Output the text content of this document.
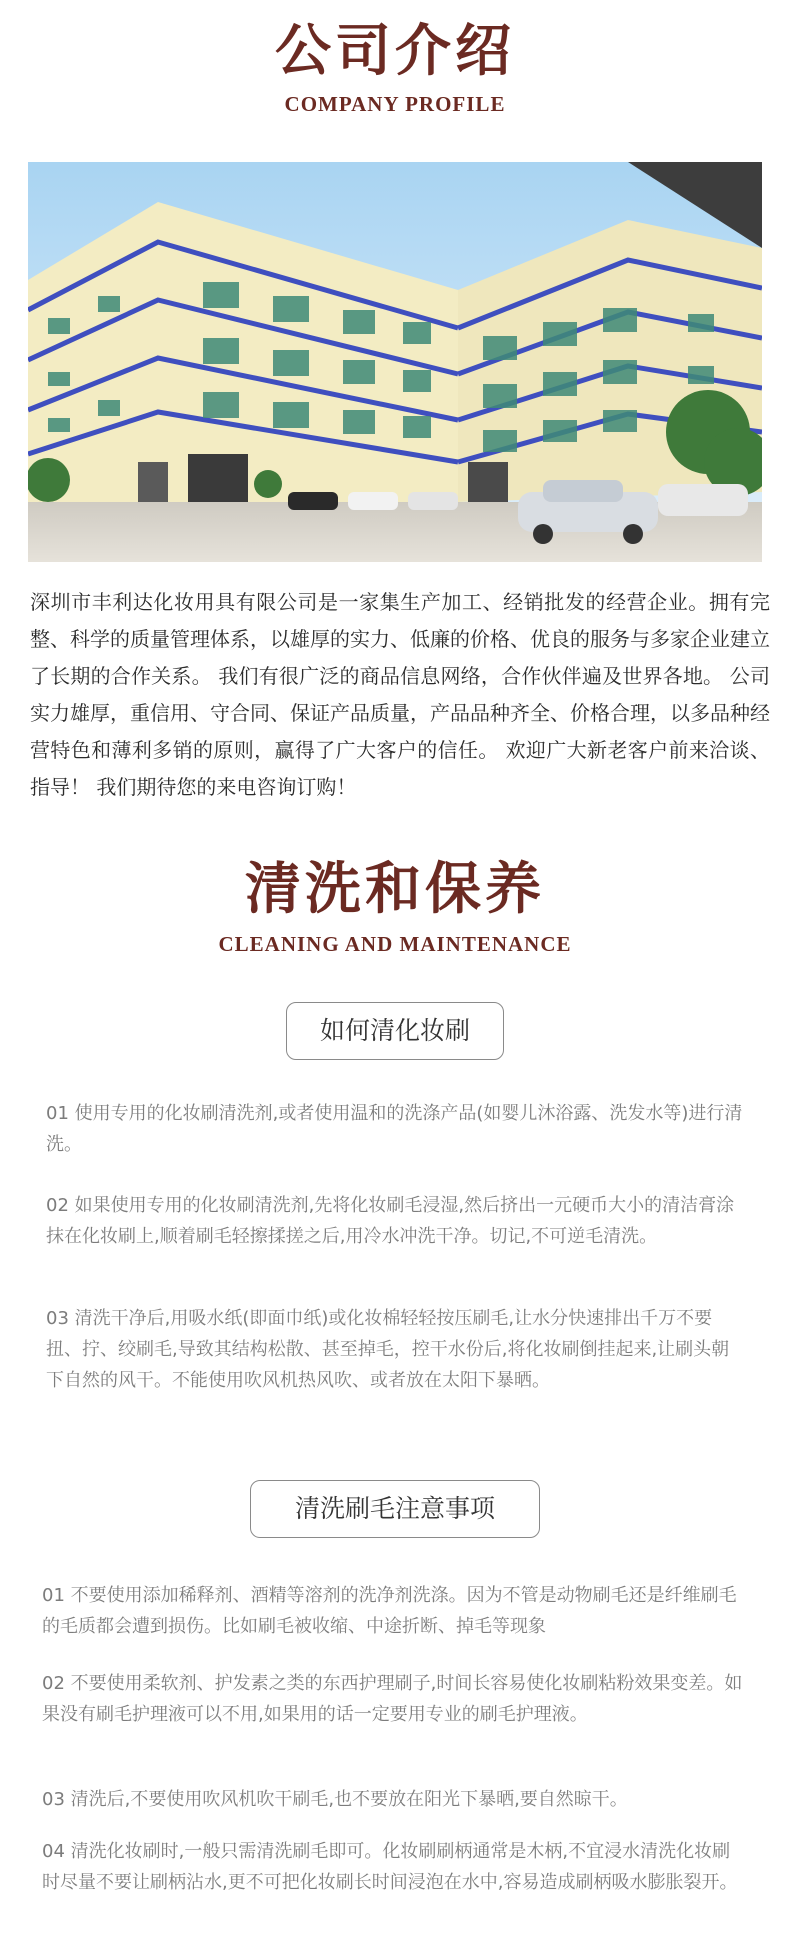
公司介绍
COMPANY PROFILE
深圳市丰利达化妆用具有限公司是一家集生产加工、经销批发的经营企业。拥有完整、科学的质量管理体系，以雄厚的实力、低廉的价格、优良的服务与多家企业建立了长期的合作关系。 我们有很广泛的商品信息网络，合作伙伴遍及世界各地。 公司实力雄厚，重信用、守合同、保证产品质量，产品品种齐全、价格合理，以多品种经营特色和薄利多销的原则，赢得了广大客户的信任。 欢迎广大新老客户前来洽谈、指导！ 我们期待您的来电咨询订购！
清洗和保养
CLEANING AND MAINTENANCE
如何清化妆刷
01 使用专用的化妆刷清洗剂,或者使用温和的洗涤产品(如婴儿沐浴露、洗发水等)进行清洗。
02 如果使用专用的化妆刷清洗剂,先将化妆刷毛浸湿,然后挤出一元硬币大小的清洁膏涂抹在化妆刷上,顺着刷毛轻擦揉搓之后,用冷水冲洗干净。切记,不可逆毛清洗。
03 清洗干净后,用吸水纸(即面巾纸)或化妆棉轻轻按压刷毛,让水分快速排出千万不要扭、拧、绞刷毛,导致其结构松散、甚至掉毛，控干水份后,将化妆刷倒挂起来,让刷头朝下自然的风干。不能使用吹风机热风吹、或者放在太阳下暴晒。
清洗刷毛注意事项
01 不要使用添加稀释剂、酒精等溶剂的洗净剂洗涤。因为不管是动物刷毛还是纤维刷毛的毛质都会遭到损伤。比如刷毛被收缩、中途折断、掉毛等现象
02 不要使用柔软剂、护发素之类的东西护理刷子,时间长容易使化妆刷粘粉效果变差。如果没有刷毛护理液可以不用,如果用的话一定要用专业的刷毛护理液。
03 清洗后,不要使用吹风机吹干刷毛,也不要放在阳光下暴晒,要自然晾干。
04 清洗化妆刷时,一般只需清洗刷毛即可。化妆刷刷柄通常是木柄,不宜浸水清洗化妆刷时尽量不要让刷柄沾水,更不可把化妆刷长时间浸泡在水中,容易造成刷柄吸水膨胀裂开。
